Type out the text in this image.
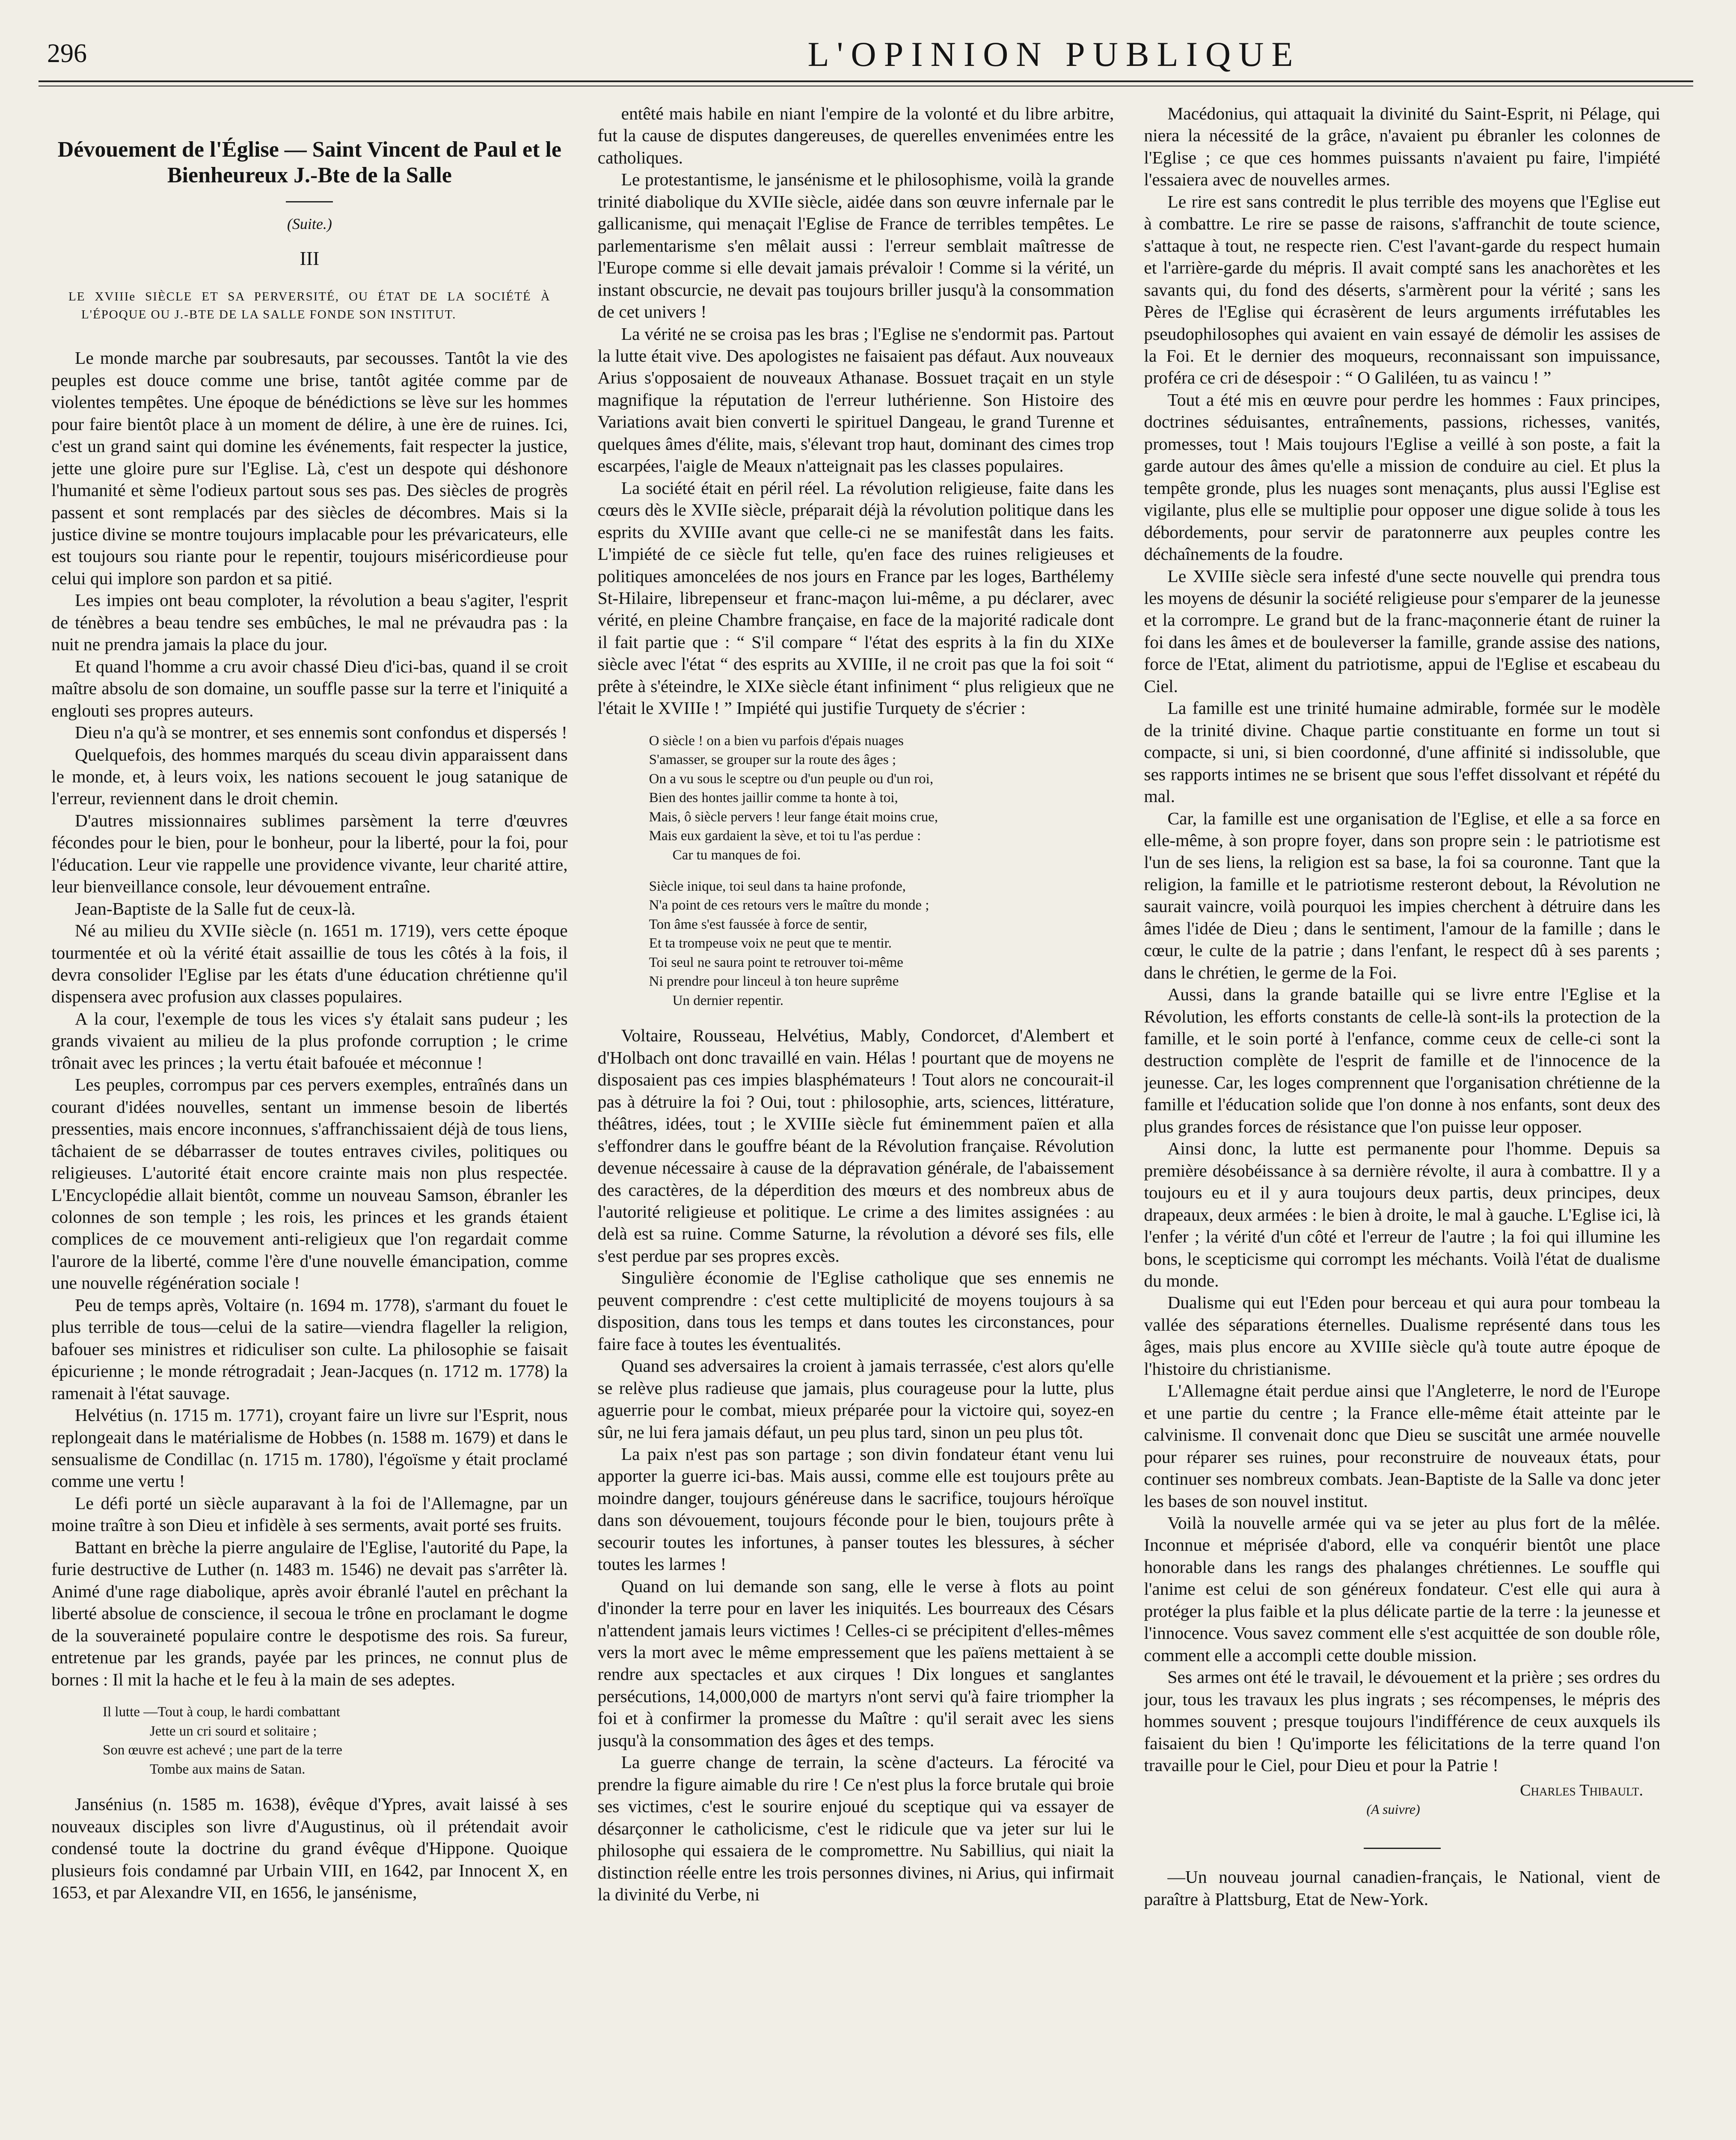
296	L'OPINION PUBLIQUE
Dévouement de l'Église — Saint Vincent de Paul et le Bienheureux J.-Bte de la Salle
(Suite.)
III
LE XVIIIe SIÈCLE ET SA PERVERSITÉ, OU ÉTAT DE LA SOCIÉTÉ À L'ÉPOQUE OU J.-BTE DE LA SALLE FONDE SON INSTITUT.

Le monde marche par soubresauts, par secousses. Tantôt la vie des peuples est douce comme une brise, tantôt agitée comme par de violentes tempêtes. Une époque de bénédictions se lève sur les hommes pour faire bientôt place à un moment de délire, à une ère de ruines. Ici, c'est un grand saint qui domine les événements, fait respecter la justice, jette une gloire pure sur l'Eglise. Là, c'est un despote qui déshonore l'humanité et sème l'odieux partout sous ses pas. Des siècles de progrès passent et sont remplacés par des siècles de décombres. Mais si la justice divine se montre toujours implacable pour les prévaricateurs, elle est toujours sou riante pour le repentir, toujours miséricordieuse pour celui qui implore son pardon et sa pitié.

Les impies ont beau comploter, la révolution a beau s'agiter, l'esprit de ténèbres a beau tendre ses embûches, le mal ne prévaudra pas : la nuit ne prendra jamais la place du jour.

Et quand l'homme a cru avoir chassé Dieu d'ici-bas, quand il se croit maître absolu de son domaine, un souffle passe sur la terre et l'iniquité a englouti ses propres auteurs.

Dieu n'a qu'à se montrer, et ses ennemis sont confondus et dispersés !

Quelquefois, des hommes marqués du sceau divin apparaissent dans le monde, et, à leurs voix, les nations secouent le joug satanique de l'erreur, reviennent dans le droit chemin.

D'autres missionnaires sublimes parsèment la terre d'œuvres fécondes pour le bien, pour le bonheur, pour la liberté, pour la foi, pour l'éducation. Leur vie rappelle une providence vivante, leur charité attire, leur bienveillance console, leur dévouement entraîne.

Jean-Baptiste de la Salle fut de ceux-là.

Né au milieu du XVIIe siècle (n. 1651 m. 1719), vers cette époque tourmentée et où la vérité était assaillie de tous les côtés à la fois, il devra consolider l'Eglise par les états d'une éducation chrétienne qu'il dispensera avec profusion aux classes populaires.

A la cour, l'exemple de tous les vices s'y étalait sans pudeur ; les grands vivaient au milieu de la plus profonde corruption ; le crime trônait avec les princes ; la vertu était bafouée et méconnue !

Les peuples, corrompus par ces pervers exemples, entraînés dans un courant d'idées nouvelles, sentant un immense besoin de libertés pressenties, mais encore inconnues, s'affranchissaient déjà de tous liens, tâchaient de se débarrasser de toutes entraves civiles, politiques ou religieuses. L'autorité était encore crainte mais non plus respectée. L'Encyclopédie allait bientôt, comme un nouveau Samson, ébranler les colonnes de son temple ; les rois, les princes et les grands étaient complices de ce mouvement anti-religieux que l'on regardait comme l'aurore de la liberté, comme l'ère d'une nouvelle émancipation, comme une nouvelle régénération sociale !

Peu de temps après, Voltaire (n. 1694 m. 1778), s'armant du fouet le plus terrible de tous—celui de la satire—viendra flageller la religion, bafouer ses ministres et ridiculiser son culte. La philosophie se faisait épicurienne ; le monde rétrogradait ; Jean-Jacques (n. 1712 m. 1778) la ramenait à l'état sauvage.

Helvétius (n. 1715 m. 1771), croyant faire un livre sur l'Esprit, nous replongeait dans le matérialisme de Hobbes (n. 1588 m. 1679) et dans le sensualisme de Condillac (n. 1715 m. 1780), l'égoïsme y était proclamé comme une vertu !

Le défi porté un siècle auparavant à la foi de l'Allemagne, par un moine traître à son Dieu et infidèle à ses serments, avait porté ses fruits.

Battant en brèche la pierre angulaire de l'Eglise, l'autorité du Pape, la furie destructive de Luther (n. 1483 m. 1546) ne devait pas s'arrêter là. Animé d'une rage diabolique, après avoir ébranlé l'autel en prêchant la liberté absolue de conscience, il secoua le trône en proclamant le dogme de la souveraineté populaire contre le despotisme des rois. Sa fureur, entretenue par les grands, payée par les princes, ne connut plus de bornes : Il mit la hache et le feu à la main de ses adeptes.

Il lutte —Tout à coup, le hardi combattant
Jette un cri sourd et solitaire ;
Son œuvre est achevé ; une part de la terre
Tombe aux mains de Satan.

Jansénius (n. 1585 m. 1638), évêque d'Ypres, avait laissé à ses nouveaux disciples son livre d'Augustinus, où il prétendait avoir condensé toute la doctrine du grand évêque d'Hippone. Quoique plusieurs fois condamné par Urbain VIII, en 1642, par Innocent X, en 1653, et par Alexandre VII, en 1656, le jansénisme,

entêté mais habile en niant l'empire de la volonté et du libre arbitre, fut la cause de disputes dangereuses, de querelles envenimées entre les catholiques.

Le protestantisme, le jansénisme et le philosophisme, voilà la grande trinité diabolique du XVIIe siècle, aidée dans son œuvre infernale par le gallicanisme, qui menaçait l'Eglise de France de terribles tempêtes. Le parlementarisme s'en mêlait aussi : l'erreur semblait maîtresse de l'Europe comme si elle devait jamais prévaloir ! Comme si la vérité, un instant obscurcie, ne devait pas toujours briller jusqu'à la consommation de cet univers !

La vérité ne se croisa pas les bras ; l'Eglise ne s'endormit pas. Partout la lutte était vive. Des apologistes ne faisaient pas défaut. Aux nouveaux Arius s'opposaient de nouveaux Athanase. Bossuet traçait en un style magnifique la réputation de l'erreur luthérienne. Son Histoire des Variations avait bien converti le spirituel Dangeau, le grand Turenne et quelques âmes d'élite, mais, s'élevant trop haut, dominant des cimes trop escarpées, l'aigle de Meaux n'atteignait pas les classes populaires.

La société était en péril réel. La révolution religieuse, faite dans les cœurs dès le XVIIe siècle, préparait déjà la révolution politique dans les esprits du XVIIIe avant que celle-ci ne se manifestât dans les faits. L'impiété de ce siècle fut telle, qu'en face des ruines religieuses et politiques amoncelées de nos jours en France par les loges, Barthélemy St-Hilaire, librepenseur et franc-maçon lui-même, a pu déclarer, avec vérité, en pleine Chambre française, en face de la majorité radicale dont il fait partie que : “ S'il compare “ l'état des esprits à la fin du XIXe siècle avec l'état “ des esprits au XVIIIe, il ne croit pas que la foi soit “ prête à s'éteindre, le XIXe siècle étant infiniment “ plus religieux que ne l'était le XVIIIe ! ” Impiété qui justifie Turquety de s'écrier :

O siècle ! on a bien vu parfois d'épais nuages
S'amasser, se grouper sur la route des âges ;
On a vu sous le sceptre ou d'un peuple ou d'un roi,
Bien des hontes jaillir comme ta honte à toi,
Mais, ô siècle pervers ! leur fange était moins crue,
Mais eux gardaient la sève, et toi tu l'as perdue :
Car tu manques de foi.
Siècle inique, toi seul dans ta haine profonde,
N'a point de ces retours vers le maître du monde ;
Ton âme s'est faussée à force de sentir,
Et ta trompeuse voix ne peut que te mentir.
Toi seul ne saura point te retrouver toi-même
Ni prendre pour linceul à ton heure suprême
Un dernier repentir.

Voltaire, Rousseau, Helvétius, Mably, Condorcet, d'Alembert et d'Holbach ont donc travaillé en vain. Hélas ! pourtant que de moyens ne disposaient pas ces impies blasphémateurs ! Tout alors ne concourait-il pas à détruire la foi ? Oui, tout : philosophie, arts, sciences, littérature, théâtres, idées, tout ; le XVIIIe siècle fut éminemment païen et alla s'effondrer dans le gouffre béant de la Révolution française. Révolution devenue nécessaire à cause de la dépravation générale, de l'abaissement des caractères, de la déperdition des mœurs et des nombreux abus de l'autorité religieuse et politique. Le crime a des limites assignées : au delà est sa ruine. Comme Saturne, la révolution a dévoré ses fils, elle s'est perdue par ses propres excès.

Singulière économie de l'Eglise catholique que ses ennemis ne peuvent comprendre : c'est cette multiplicité de moyens toujours à sa disposition, dans tous les temps et dans toutes les circonstances, pour faire face à toutes les éventualités.

Quand ses adversaires la croient à jamais terrassée, c'est alors qu'elle se relève plus radieuse que jamais, plus courageuse pour la lutte, plus aguerrie pour le combat, mieux préparée pour la victoire qui, soyez-en sûr, ne lui fera jamais défaut, un peu plus tard, sinon un peu plus tôt.

La paix n'est pas son partage ; son divin fondateur étant venu lui apporter la guerre ici-bas. Mais aussi, comme elle est toujours prête au moindre danger, toujours généreuse dans le sacrifice, toujours héroïque dans son dévouement, toujours féconde pour le bien, toujours prête à secourir toutes les infortunes, à panser toutes les blessures, à sécher toutes les larmes !

Quand on lui demande son sang, elle le verse à flots au point d'inonder la terre pour en laver les iniquités. Les bourreaux des Césars n'attendent jamais leurs victimes ! Celles-ci se précipitent d'elles-mêmes vers la mort avec le même empressement que les païens mettaient à se rendre aux spectacles et aux cirques ! Dix longues et sanglantes persécutions, 14,000,000 de martyrs n'ont servi qu'à faire triompher la foi et à confirmer la promesse du Maître : qu'il serait avec les siens jusqu'à la consommation des âges et des temps.

La guerre change de terrain, la scène d'acteurs. La férocité va prendre la figure aimable du rire ! Ce n'est plus la force brutale qui broie ses victimes, c'est le sourire enjoué du sceptique qui va essayer de désarçonner le catholicisme, c'est le ridicule que va jeter sur lui le philosophe qui essaiera de le compromettre. Nu Sabillius, qui niait la distinction réelle entre les trois personnes divines, ni Arius, qui infirmait la divinité du Verbe, ni

Macédonius, qui attaquait la divinité du Saint-Esprit, ni Pélage, qui niera la nécessité de la grâce, n'avaient pu ébranler les colonnes de l'Eglise ; ce que ces hommes puissants n'avaient pu faire, l'impiété l'essaiera avec de nouvelles armes.

Le rire est sans contredit le plus terrible des moyens que l'Eglise eut à combattre. Le rire se passe de raisons, s'affranchit de toute science, s'attaque à tout, ne respecte rien. C'est l'avant-garde du respect humain et l'arrière-garde du mépris. Il avait compté sans les anachorètes et les savants qui, du fond des déserts, s'armèrent pour la vérité ; sans les Pères de l'Eglise qui écrasèrent de leurs arguments irréfutables les pseudophilosophes qui avaient en vain essayé de démolir les assises de la Foi. Et le dernier des moqueurs, reconnaissant son impuissance, proféra ce cri de désespoir : “ O Galiléen, tu as vaincu ! ”

Tout a été mis en œuvre pour perdre les hommes : Faux principes, doctrines séduisantes, entraînements, passions, richesses, vanités, promesses, tout ! Mais toujours l'Eglise a veillé à son poste, a fait la garde autour des âmes qu'elle a mission de conduire au ciel. Et plus la tempête gronde, plus les nuages sont menaçants, plus aussi l'Eglise est vigilante, plus elle se multiplie pour opposer une digue solide à tous les débordements, pour servir de paratonnerre aux peuples contre les déchaînements de la foudre.

Le XVIIIe siècle sera infesté d'une secte nouvelle qui prendra tous les moyens de désunir la société religieuse pour s'emparer de la jeunesse et la corrompre. Le grand but de la franc-maçonnerie étant de ruiner la foi dans les âmes et de bouleverser la famille, grande assise des nations, force de l'Etat, aliment du patriotisme, appui de l'Eglise et escabeau du Ciel.

La famille est une trinité humaine admirable, formée sur le modèle de la trinité divine. Chaque partie constituante en forme un tout si compacte, si uni, si bien coordonné, d'une affinité si indissoluble, que ses rapports intimes ne se brisent que sous l'effet dissolvant et répété du mal.

Car, la famille est une organisation de l'Eglise, et elle a sa force en elle-même, à son propre foyer, dans son propre sein : le patriotisme est l'un de ses liens, la religion est sa base, la foi sa couronne. Tant que la religion, la famille et le patriotisme resteront debout, la Révolution ne saurait vaincre, voilà pourquoi les impies cherchent à détruire dans les âmes l'idée de Dieu ; dans le sentiment, l'amour de la famille ; dans le cœur, le culte de la patrie ; dans l'enfant, le respect dû à ses parents ; dans le chrétien, le germe de la Foi.

Aussi, dans la grande bataille qui se livre entre l'Eglise et la Révolution, les efforts constants de celle-là sont-ils la protection de la famille, et le soin porté à l'enfance, comme ceux de celle-ci sont la destruction complète de l'esprit de famille et de l'innocence de la jeunesse. Car, les loges comprennent que l'organisation chrétienne de la famille et l'éducation solide que l'on donne à nos enfants, sont deux des plus grandes forces de résistance que l'on puisse leur opposer.

Ainsi donc, la lutte est permanente pour l'homme. Depuis sa première désobéissance à sa dernière révolte, il aura à combattre. Il y a toujours eu et il y aura toujours deux partis, deux principes, deux drapeaux, deux armées : le bien à droite, le mal à gauche. L'Eglise ici, là l'enfer ; la vérité d'un côté et l'erreur de l'autre ; la foi qui illumine les bons, le scepticisme qui corrompt les méchants. Voilà l'état de dualisme du monde.

Dualisme qui eut l'Eden pour berceau et qui aura pour tombeau la vallée des séparations éternelles. Dualisme représenté dans tous les âges, mais plus encore au XVIIIe siècle qu'à toute autre époque de l'histoire du christianisme.

L'Allemagne était perdue ainsi que l'Angleterre, le nord de l'Europe et une partie du centre ; la France elle-même était atteinte par le calvinisme. Il convenait donc que Dieu se suscitât une armée nouvelle pour réparer ses ruines, pour reconstruire de nouveaux états, pour continuer ses nombreux combats. Jean-Baptiste de la Salle va donc jeter les bases de son nouvel institut.

Voilà la nouvelle armée qui va se jeter au plus fort de la mêlée. Inconnue et méprisée d'abord, elle va conquérir bientôt une place honorable dans les rangs des phalanges chrétiennes. Le souffle qui l'anime est celui de son généreux fondateur. C'est elle qui aura à protéger la plus faible et la plus délicate partie de la terre : la jeunesse et l'innocence. Vous savez comment elle s'est acquittée de son double rôle, comment elle a accompli cette double mission.

Ses armes ont été le travail, le dévouement et la prière ; ses ordres du jour, tous les travaux les plus ingrats ; ses récompenses, le mépris des hommes souvent ; presque toujours l'indifférence de ceux auxquels ils faisaient du bien ! Qu'importe les félicitations de la terre quand l'on travaille pour le Ciel, pour Dieu et pour la Patrie !

Charles Thibault.
(A suivre)

—Un nouveau journal canadien-français, le National, vient de paraître à Plattsburg, Etat de New-York.
